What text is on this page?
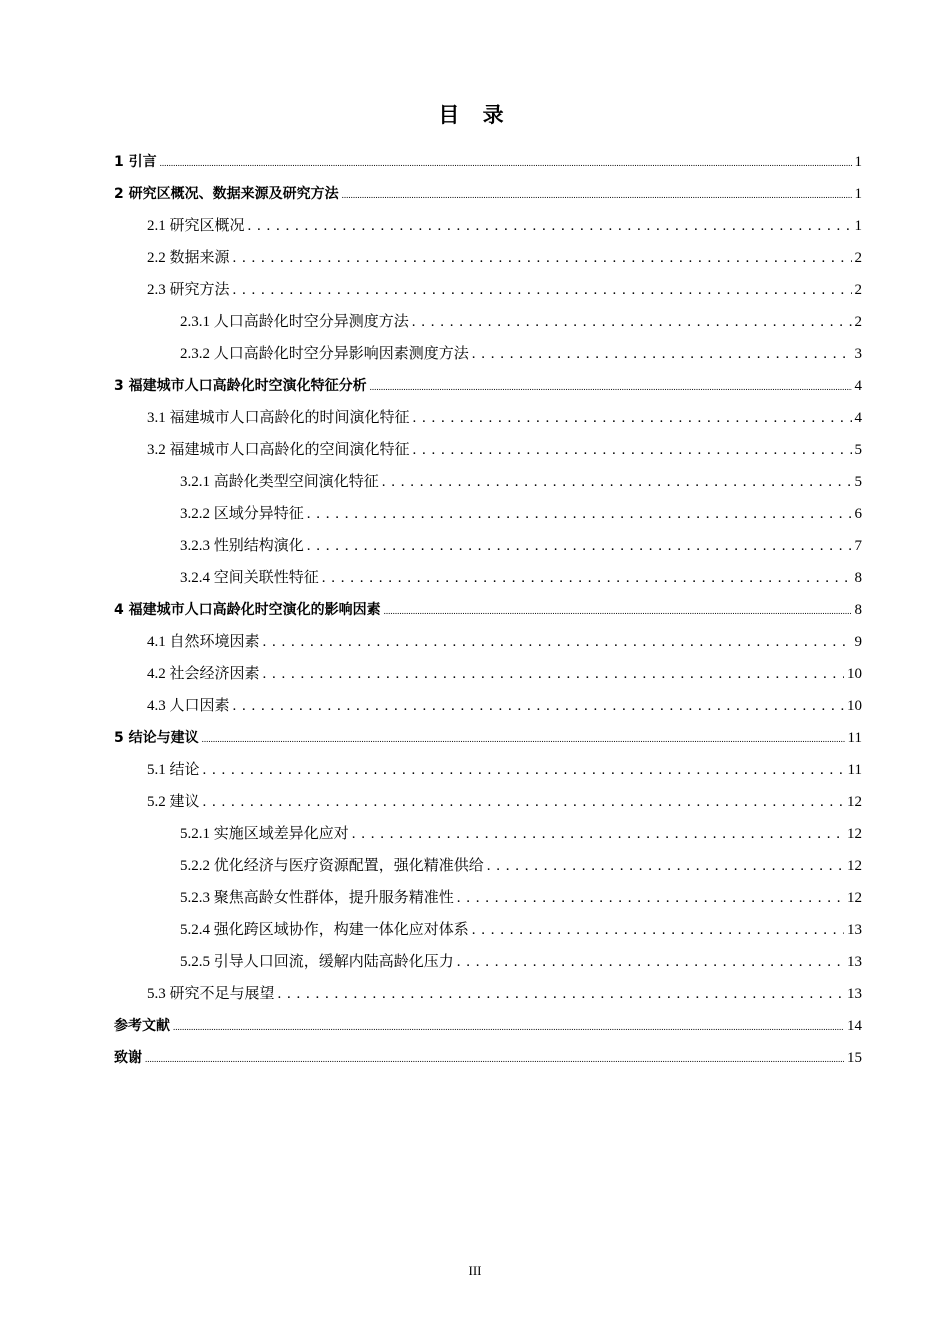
目 录
1 引言 .....	1
2 研究区概况、数据来源及研究方法 .....	1
2.1 研究区概况 . . .	1
2.2 数据来源 . . .	2
2.3 研究方法 . . .	2
2.3.1 人口高龄化时空分异测度方法 . . .	2
2.3.2 人口高龄化时空分异影响因素测度方法 . . .	3
3 福建城市人口高龄化时空演化特征分析 .....	4
3.1 福建城市人口高龄化的时间演化特征 . . .	4
3.2 福建城市人口高龄化的空间演化特征 . . .	5
3.2.1 高龄化类型空间演化特征 . . .	5
3.2.2 区域分异特征 . . .	6
3.2.3 性别结构演化 . . .	7
3.2.4 空间关联性特征 . . .	8
4 福建城市人口高龄化时空演化的影响因素 .....	8
4.1 自然环境因素 . . .	9
4.2 社会经济因素 . . .	10
4.3 人口因素 . . .	10
5 结论与建议 .....	11
5.1 结论 . . .	11
5.2 建议 . . .	12
5.2.1 实施区域差异化应对 . . .	12
5.2.2 优化经济与医疗资源配置，强化精准供给 . . .	12
5.2.3 聚焦高龄女性群体，提升服务精准性 . . .	12
5.2.4 强化跨区域协作，构建一体化应对体系 . . .	13
5.2.5 引导人口回流，缓解内陆高龄化压力 . . .	13
5.3 研究不足与展望 . . .	13
参考文献 .....	14
致谢 .....	15
III
